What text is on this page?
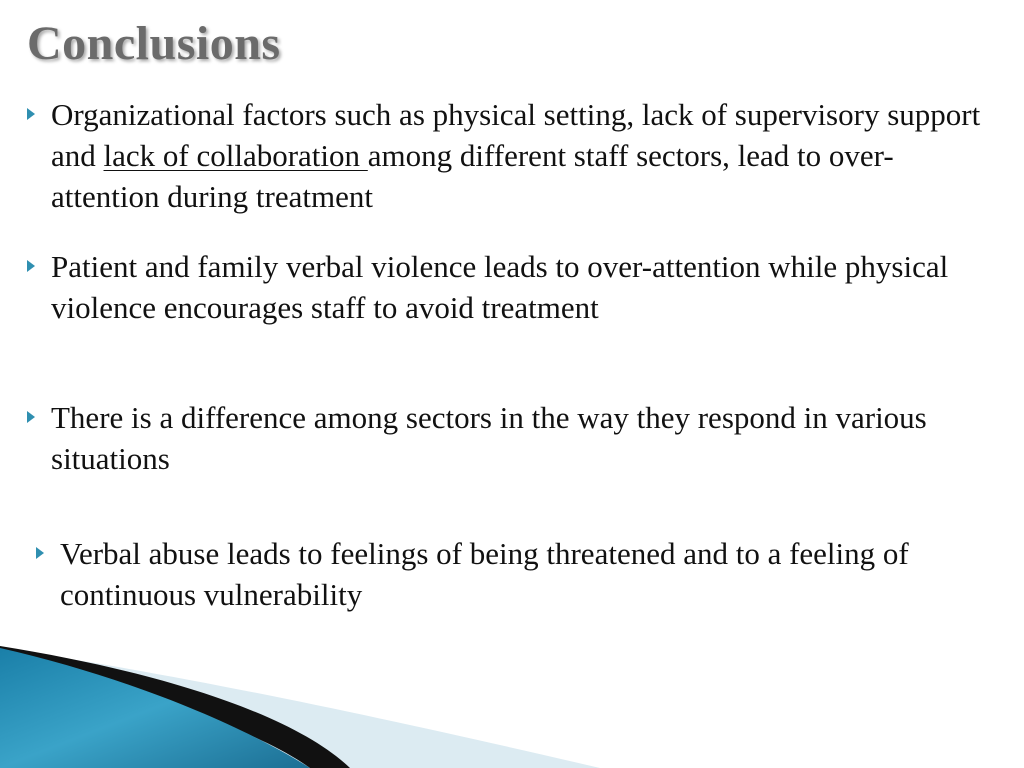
Conclusions
Organizational factors such as physical setting, lack of supervisory support and lack of collaboration among different staff sectors, lead to over-attention during treatment
Patient and family verbal violence leads to over-attention while physical violence encourages staff to avoid treatment
There is a difference among sectors in the way they respond in various situations
Verbal abuse leads to feelings of being threatened and to a feeling of continuous vulnerability
